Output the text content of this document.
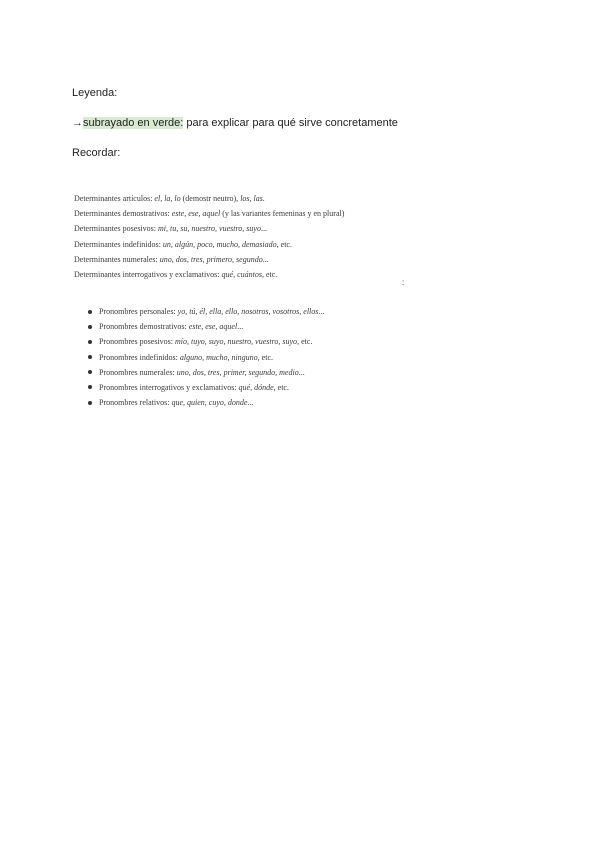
Leyenda:
→subrayado en verde: para explicar para qué sirve concretamente
Recordar:
Determinantes artículos: el, la, lo (demostr neutro), los, las.
Determinantes demostrativos: este, ese, aquel (y las variantes femeninas y en plural)
Determinantes posesivos: mi, tu, su, nuestro, vuestro, suyo...
Determinantes indefinidos: un, algún, poco, mucho, demasiado, etc.
Determinantes numerales: uno, dos, tres, primero, segundo...
Determinantes interrogativos y exclamativos: qué, cuántos, etc.
:
Pronombres personales: yo, tú, él, ella, ello, nosotros, vosotros, ellos...
Pronombres demostrativos: este, ese, aquel...
Pronombres posesivos: mío, tuyo, suyo, nuestro, vuestro, suyo, etc.
Pronombres indefinidos: alguno, mucho, ninguno, etc.
Pronombres numerales: uno, dos, tres, primer, segundo, medio...
Pronombres interrogativos y exclamativos: qué, dónde, etc.
Pronombres relativos: que, quien, cuyo, donde...
